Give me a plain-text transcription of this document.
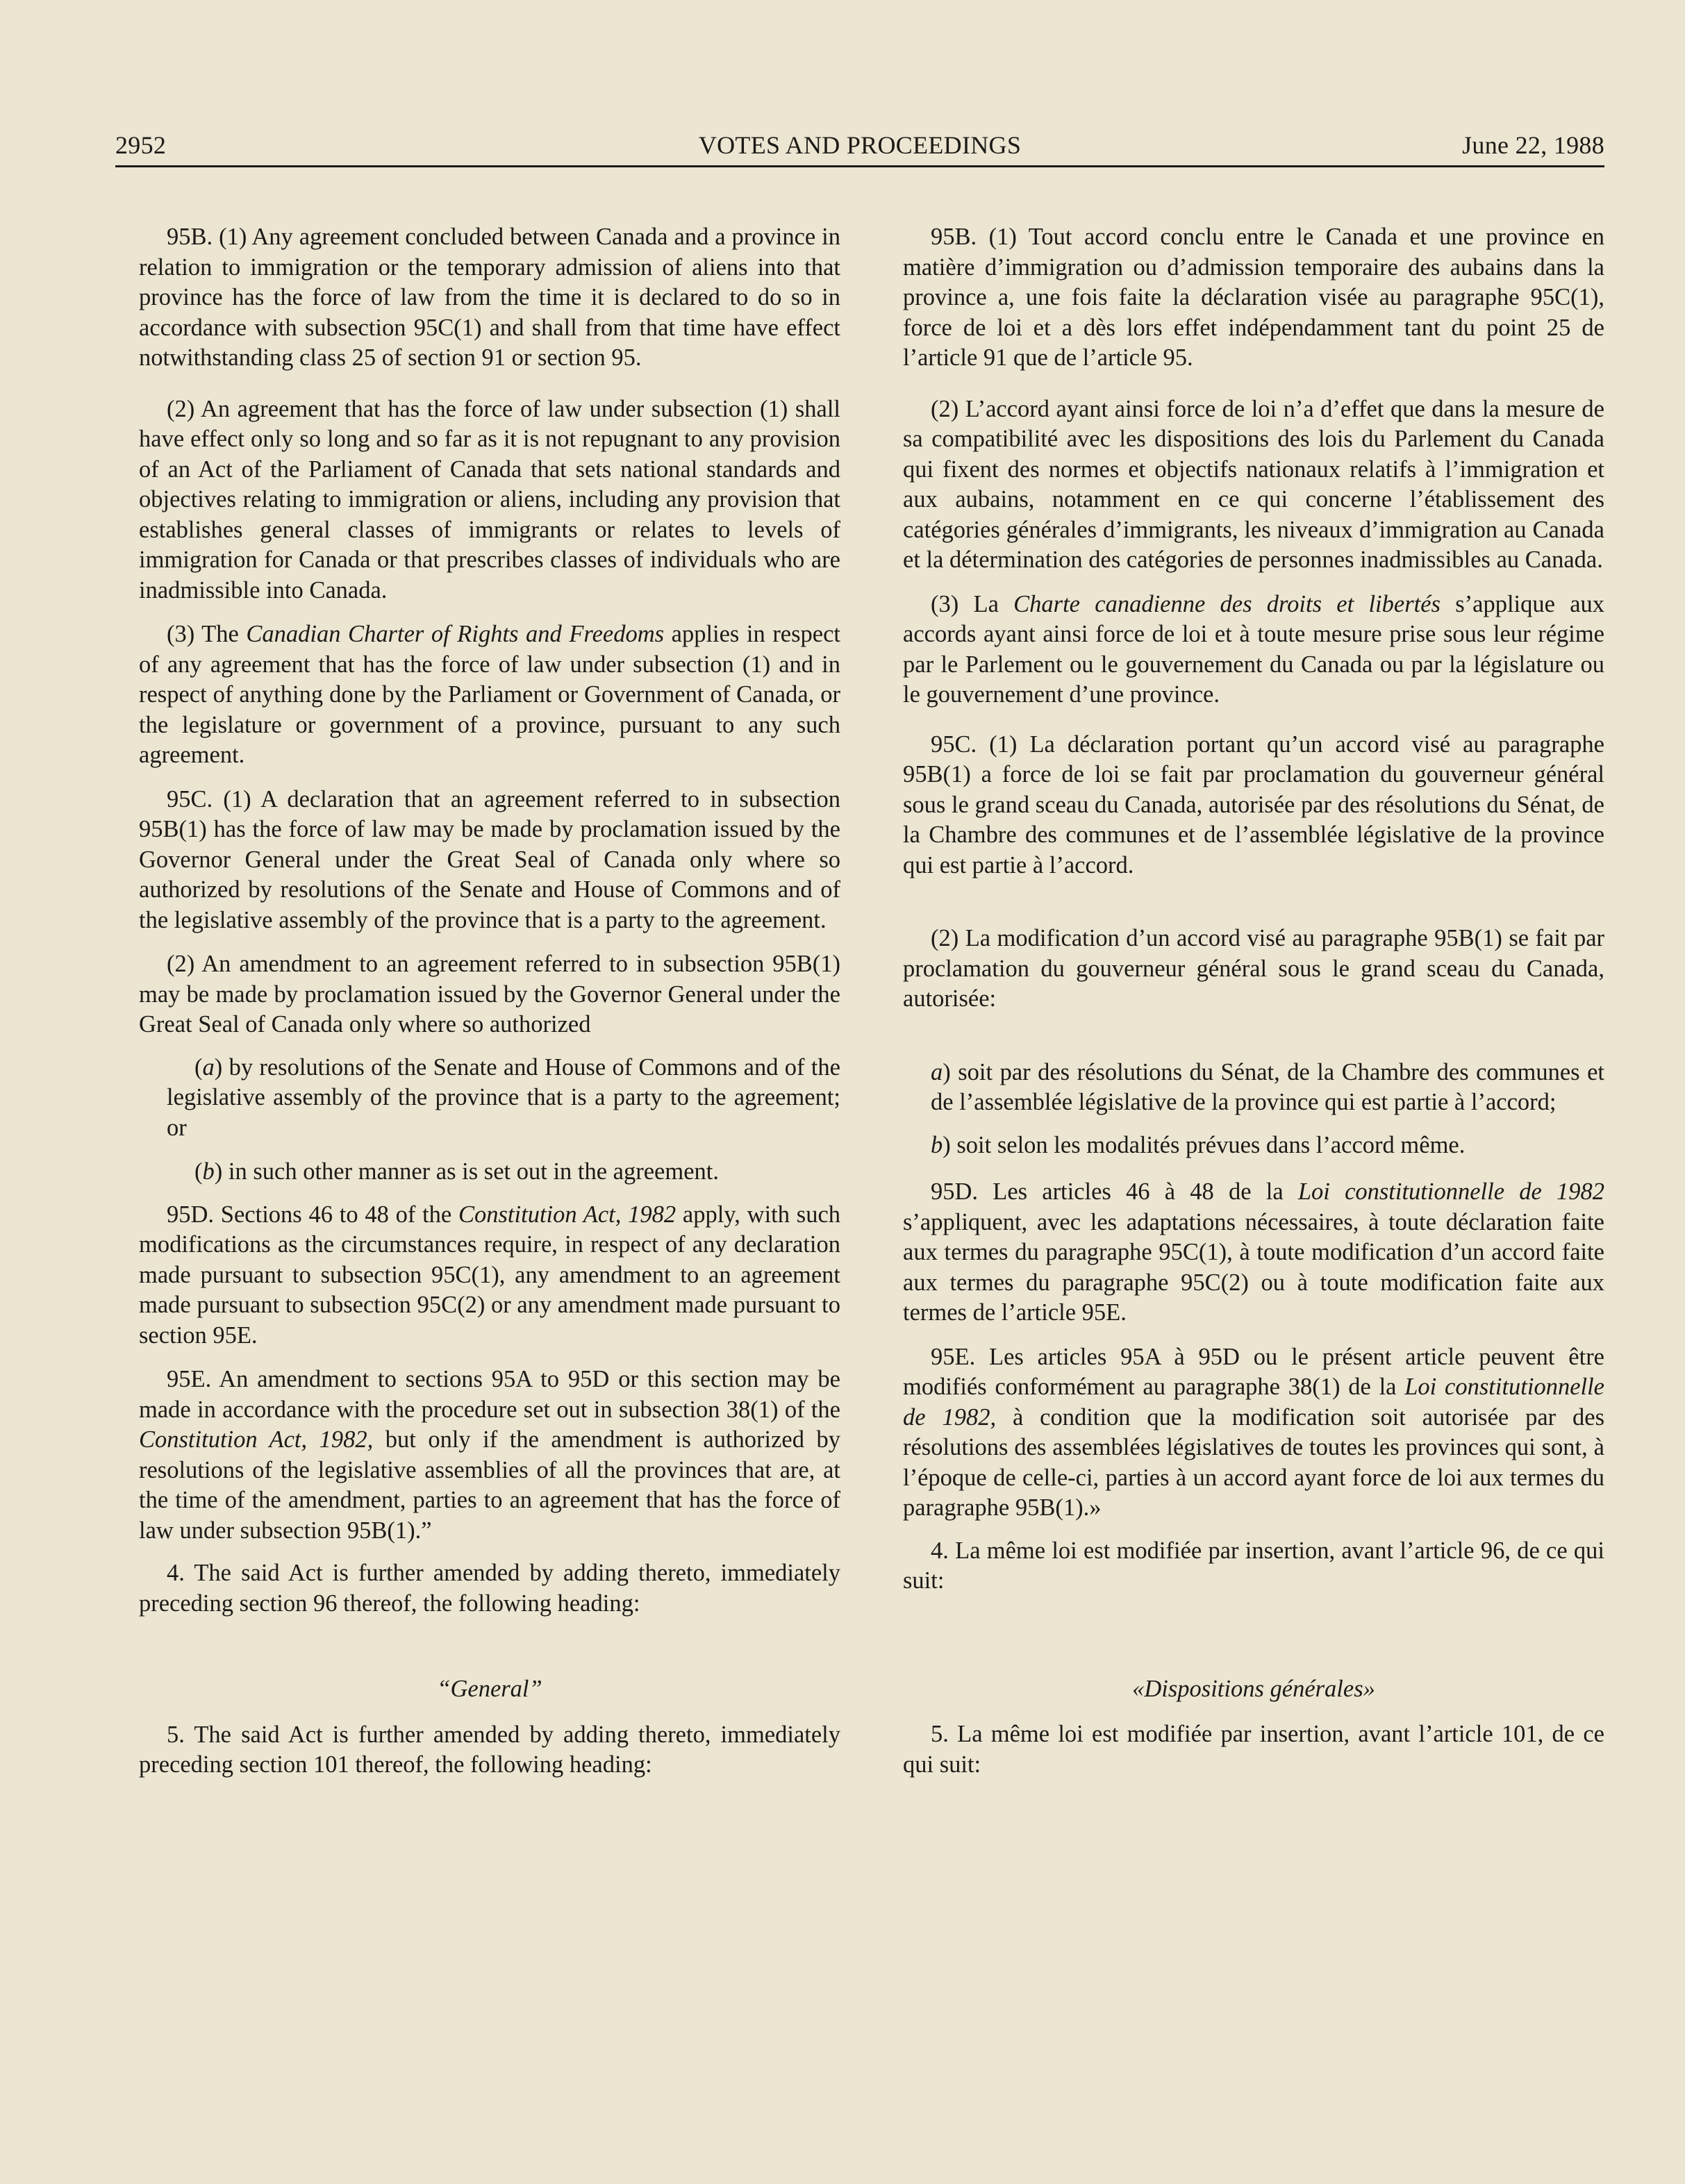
2952	VOTES AND PROCEEDINGS	June 22, 1988

95B. (1) Any agreement concluded between Canada and a province in relation to immigration or the temporary admission of aliens into that province has the force of law from the time it is declared to do so in accordance with subsection 95C(1) and shall from that time have effect notwithstanding class 25 of section 91 or section 95.

(2) An agreement that has the force of law under subsection (1) shall have effect only so long and so far as it is not repugnant to any provision of an Act of the Parliament of Canada that sets national standards and objectives relating to immigration or aliens, including any provision that establishes general classes of immigrants or relates to levels of immigration for Canada or that prescribes classes of individuals who are inadmissible into Canada.

(3) The Canadian Charter of Rights and Freedoms applies in respect of any agreement that has the force of law under subsection (1) and in respect of anything done by the Parliament or Government of Canada, or the legislature or government of a province, pursuant to any such agreement.

95C. (1) A declaration that an agreement referred to in subsection 95B(1) has the force of law may be made by proclamation issued by the Governor General under the Great Seal of Canada only where so authorized by resolutions of the Senate and House of Commons and of the legislative assembly of the province that is a party to the agreement.

(2) An amendment to an agreement referred to in subsection 95B(1) may be made by proclamation issued by the Governor General under the Great Seal of Canada only where so authorized

(a) by resolutions of the Senate and House of Commons and of the legislative assembly of the province that is a party to the agreement; or

(b) in such other manner as is set out in the agreement.

95D. Sections 46 to 48 of the Constitution Act, 1982 apply, with such modifications as the circumstances require, in respect of any declaration made pursuant to subsection 95C(1), any amendment to an agreement made pursuant to subsection 95C(2) or any amendment made pursuant to section 95E.

95E. An amendment to sections 95A to 95D or this section may be made in accordance with the procedure set out in subsection 38(1) of the Constitution Act, 1982, but only if the amendment is authorized by resolutions of the legislative assemblies of all the provinces that are, at the time of the amendment, parties to an agreement that has the force of law under subsection 95B(1).”

4. The said Act is further amended by adding thereto, immediately preceding section 96 thereof, the following heading:

“General”

5. The said Act is further amended by adding thereto, immediately preceding section 101 thereof, the following heading:

95B. (1) Tout accord conclu entre le Canada et une province en matière d’immigration ou d’admission temporaire des aubains dans la province a, une fois faite la déclaration visée au paragraphe 95C(1), force de loi et a dès lors effet indépendamment tant du point 25 de l’article 91 que de l’article 95.

(2) L’accord ayant ainsi force de loi n’a d’effet que dans la mesure de sa compatibilité avec les dispositions des lois du Parlement du Canada qui fixent des normes et objectifs nationaux relatifs à l’immigration et aux aubains, notamment en ce qui concerne l’établissement des catégories générales d’immigrants, les niveaux d’immigration au Canada et la détermination des catégories de personnes inadmissibles au Canada.

(3) La Charte canadienne des droits et libertés s’applique aux accords ayant ainsi force de loi et à toute mesure prise sous leur régime par le Parlement ou le gouvernement du Canada ou par la législature ou le gouvernement d’une province.

95C. (1) La déclaration portant qu’un accord visé au paragraphe 95B(1) a force de loi se fait par proclamation du gouverneur général sous le grand sceau du Canada, autorisée par des résolutions du Sénat, de la Chambre des communes et de l’assemblée législative de la province qui est partie à l’accord.

(2) La modification d’un accord visé au paragraphe 95B(1) se fait par proclamation du gouverneur général sous le grand sceau du Canada, autorisée:

a) soit par des résolutions du Sénat, de la Chambre des communes et de l’assemblée législative de la province qui est partie à l’accord;

b) soit selon les modalités prévues dans l’accord même.

95D. Les articles 46 à 48 de la Loi constitutionnelle de 1982 s’appliquent, avec les adaptations nécessaires, à toute déclaration faite aux termes du paragraphe 95C(1), à toute modification d’un accord faite aux termes du paragraphe 95C(2) ou à toute modification faite aux termes de l’article 95E.

95E. Les articles 95A à 95D ou le présent article peuvent être modifiés conformément au paragraphe 38(1) de la Loi constitutionnelle de 1982, à condition que la modification soit autorisée par des résolutions des assemblées législatives de toutes les provinces qui sont, à l’époque de celle-ci, parties à un accord ayant force de loi aux termes du paragraphe 95B(1).»

4. La même loi est modifiée par insertion, avant l’article 96, de ce qui suit:

«Dispositions générales»

5. La même loi est modifiée par insertion, avant l’article 101, de ce qui suit:
